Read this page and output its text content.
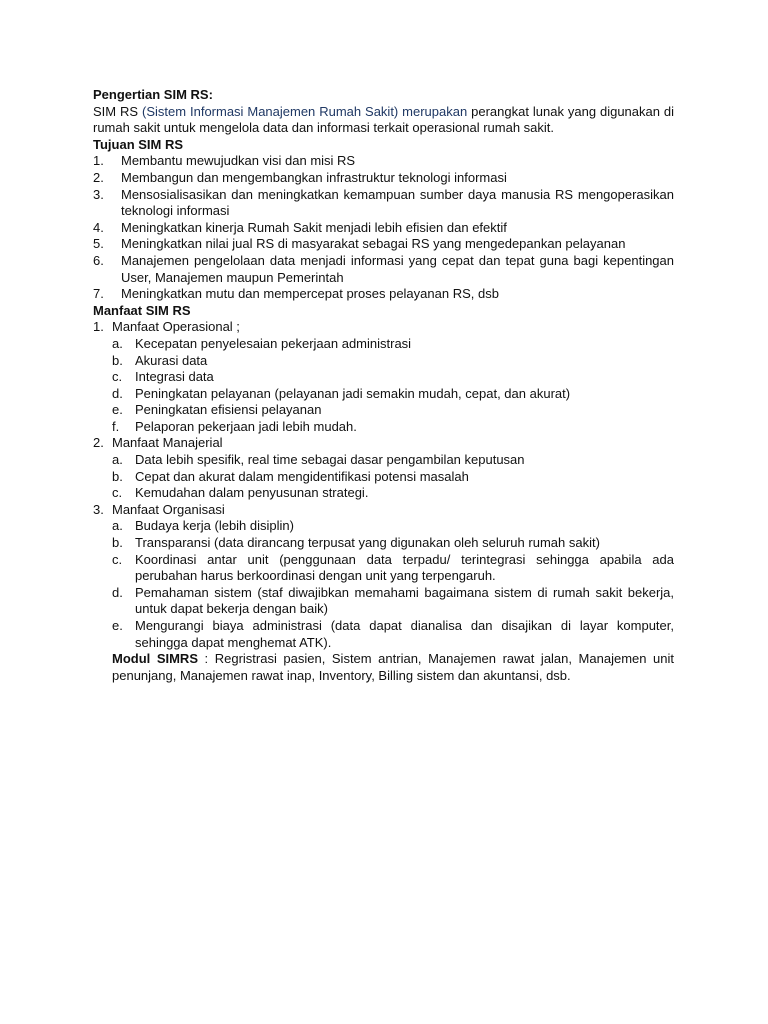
Pengertian SIM RS:
SIM RS (Sistem Informasi Manajemen Rumah Sakit) merupakan perangkat lunak yang digunakan di rumah sakit untuk mengelola data dan informasi terkait operasional rumah sakit.
Tujuan SIM RS
1.	Membantu mewujudkan visi dan misi RS
2.	Membangun dan mengembangkan infrastruktur teknologi informasi
3.	Mensosialisasikan dan meningkatkan kemampuan sumber daya manusia RS mengoperasikan teknologi informasi
4.	Meningkatkan kinerja Rumah Sakit menjadi lebih efisien dan efektif
5.	Meningkatkan nilai jual RS di masyarakat sebagai RS yang mengedepankan pelayanan
6.	Manajemen pengelolaan data menjadi informasi yang cepat dan tepat guna bagi kepentingan User, Manajemen maupun Pemerintah
7.	Meningkatkan mutu dan mempercepat proses pelayanan RS, dsb
Manfaat SIM RS
1. Manfaat Operasional ;
a. Kecepatan penyelesaian pekerjaan administrasi
b. Akurasi data
c. Integrasi data
d. Peningkatan pelayanan (pelayanan jadi semakin mudah, cepat, dan akurat)
e. Peningkatan efisiensi pelayanan
f.	Pelaporan pekerjaan jadi lebih mudah.
2. Manfaat Manajerial
a. Data lebih spesifik, real time sebagai dasar pengambilan keputusan
b. Cepat dan akurat dalam mengidentifikasi potensi masalah
c. Kemudahan dalam penyusunan strategi.
3. Manfaat Organisasi
a. Budaya kerja (lebih disiplin)
b. Transparansi (data dirancang terpusat yang digunakan oleh seluruh rumah sakit)
c. Koordinasi antar unit (penggunaan data terpadu/ terintegrasi sehingga apabila ada perubahan harus berkoordinasi dengan unit yang terpengaruh.
d. Pemahaman sistem (staf diwajibkan memahami bagaimana sistem di rumah sakit bekerja, untuk dapat bekerja dengan baik)
e. Mengurangi biaya administrasi (data dapat dianalisa dan disajikan di layar komputer, sehingga dapat menghemat ATK).
Modul SIMRS : Regristrasi pasien, Sistem antrian, Manajemen rawat jalan, Manajemen unit penunjang, Manajemen rawat inap, Inventory, Billing sistem dan akuntansi, dsb.
